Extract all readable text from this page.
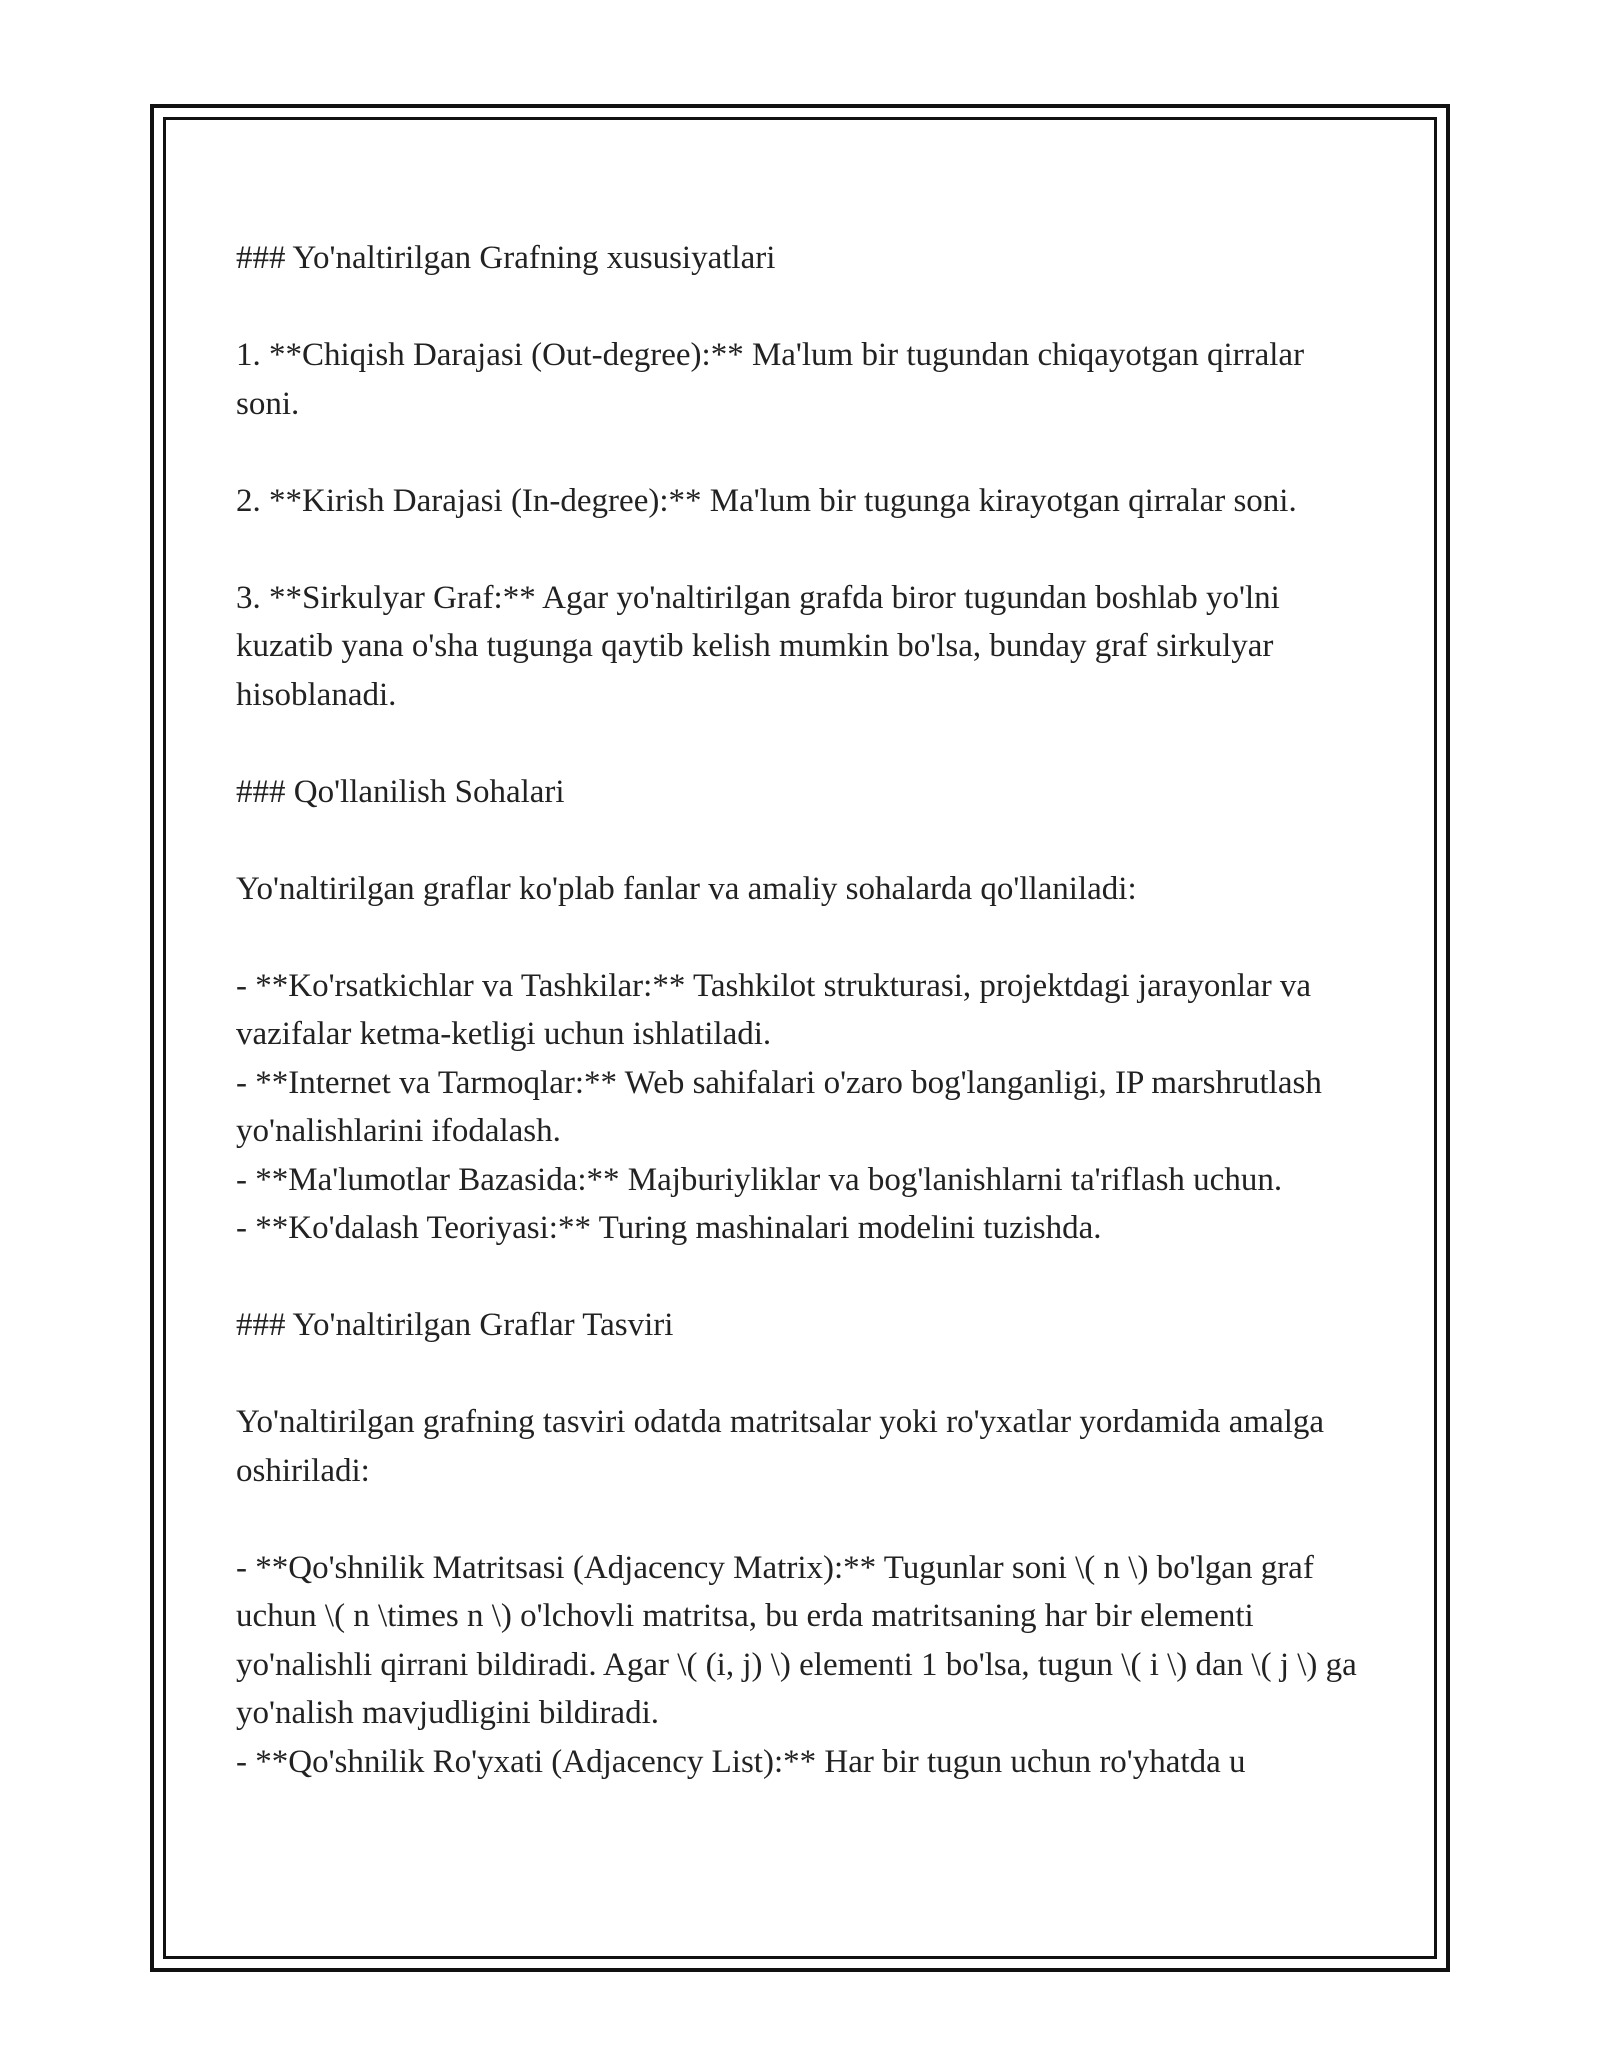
### Yo'naltirilgan Grafning xususiyatlari

1. **Chiqish Darajasi (Out-degree):** Ma'lum bir tugundan chiqayotgan qirralar soni.

2. **Kirish Darajasi (In-degree):** Ma'lum bir tugunga kirayotgan qirralar soni.

3. **Sirkulyar Graf:** Agar yo'naltirilgan grafda biror tugundan boshlab yo'lni kuzatib yana o'sha tugunga qaytib kelish mumkin bo'lsa, bunday graf sirkulyar hisoblanadi.

### Qo'llanilish Sohalari

Yo'naltirilgan graflar ko'plab fanlar va amaliy sohalarda qo'llaniladi:

- **Ko'rsatkichlar va Tashkilar:** Tashkilot strukturasi, projektdagi jarayonlar va vazifalar ketma-ketligi uchun ishlatiladi.

- **Internet va Tarmoqlar:** Web sahifalari o'zaro bog'langanligi, IP marshrutlash yo'nalishlarini ifodalash.

- **Ma'lumotlar Bazasida:** Majburiyliklar va bog'lanishlarni ta'riflash uchun.

- **Ko'dalash Teoriyasi:** Turing mashinalari modelini tuzishda.

### Yo'naltirilgan Graflar Tasviri

Yo'naltirilgan grafning tasviri odatda matritsalar yoki ro'yxatlar yordamida amalga oshiriladi:

- **Qo'shnilik Matritsasi (Adjacency Matrix):** Tugunlar soni \( n \) bo'lgan graf uchun \( n \times n \) o'lchovli matritsa, bu erda matritsaning har bir elementi yo'nalishli qirrani bildiradi. Agar \( (i, j) \) elementi 1 bo'lsa, tugun \( i \) dan \( j \) ga yo'nalish mavjudligini bildiradi.

- **Qo'shnilik Ro'yxati (Adjacency List):** Har bir tugun uchun ro'yhatda u
